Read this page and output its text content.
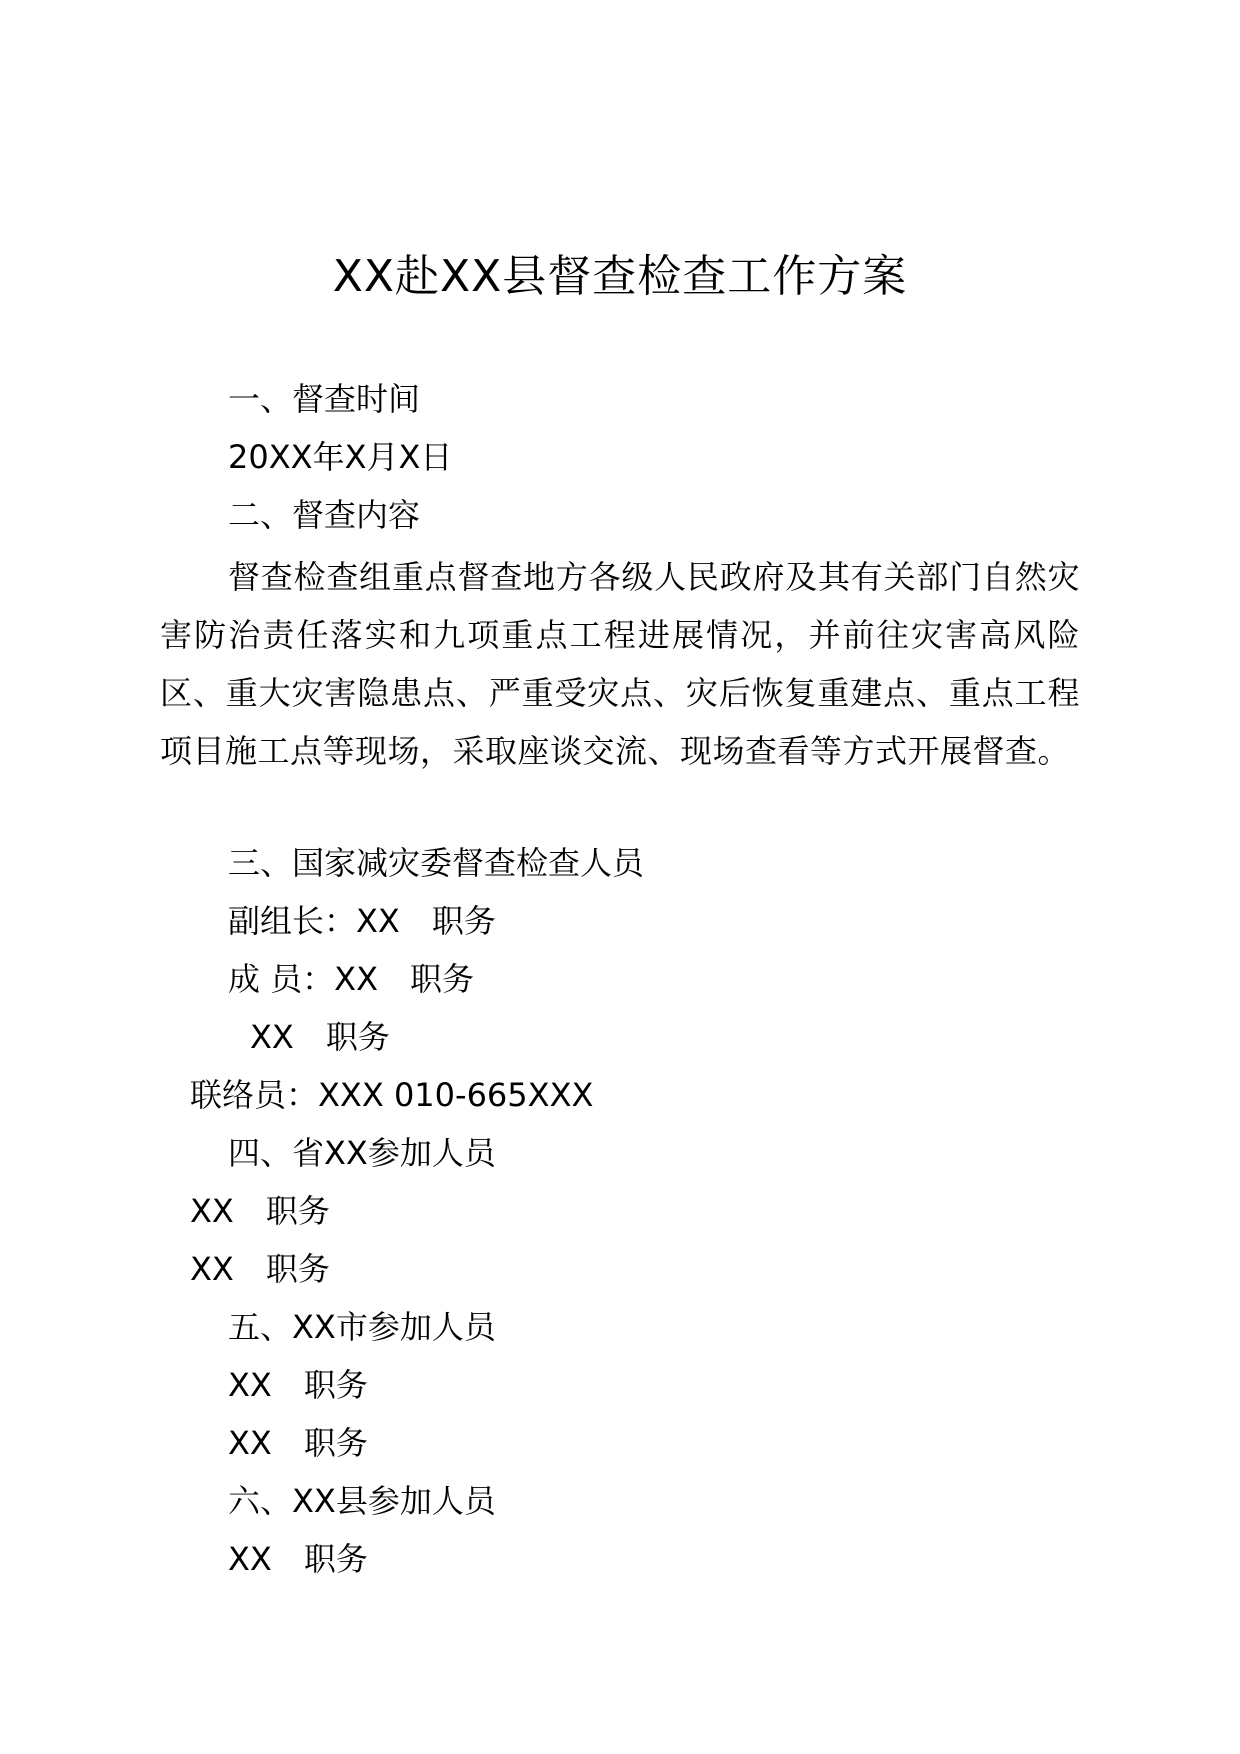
XX赴XX县督查检查工作方案
一、督查时间
20XX年X月X日
二、督查内容
督查检查组重点督查地方各级人民政府及其有关部门自然灾害防治责任落实和九项重点工程进展情况，并前往灾害高风险区、重大灾害隐患点、严重受灾点、灾后恢复重建点、重点工程项目施工点等现场，采取座谈交流、现场查看等方式开展督查。
三、国家减灾委督查检查人员
副组长：XX　职务
成 员：XX　职务
XX　职务
联络员：XXX 010-665XXX
四、省XX参加人员
XX　职务
XX　职务
五、XX市参加人员
XX　职务
XX　职务
六、XX县参加人员
XX　职务
